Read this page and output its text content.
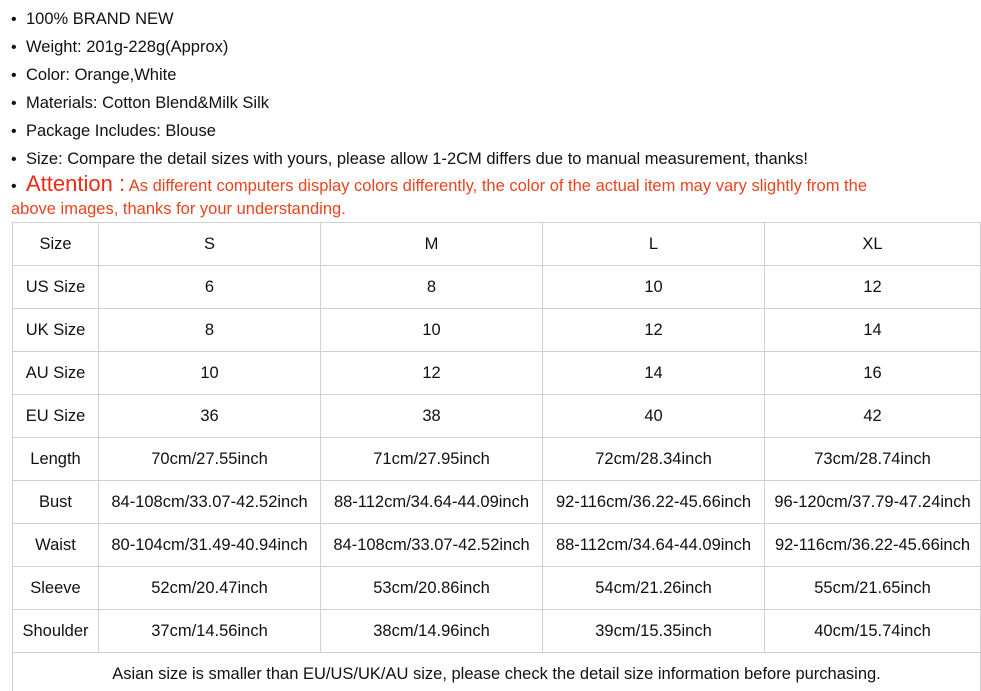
• 100% BRAND NEW
• Weight: 201g-228g(Approx)
• Color: Orange,White
• Materials: Cotton Blend&Milk Silk
• Package Includes: Blouse
• Size: Compare the detail sizes with yours, please allow 1-2CM differs due to manual measurement, thanks!
• Attention : As different computers display colors differently, the color of the actual item may vary slightly from the
above images, thanks for your understanding.
Size	S	M	L	XL
US Size	6	8	10	12
UK Size	8	10	12	14
AU Size	10	12	14	16
EU Size	36	38	40	42
Length	70cm/27.55inch	71cm/27.95inch	72cm/28.34inch	73cm/28.74inch
Bust	84-108cm/33.07-42.52inch	88-112cm/34.64-44.09inch	92-116cm/36.22-45.66inch	96-120cm/37.79-47.24inch
Waist	80-104cm/31.49-40.94inch	84-108cm/33.07-42.52inch	88-112cm/34.64-44.09inch	92-116cm/36.22-45.66inch
Sleeve	52cm/20.47inch	53cm/20.86inch	54cm/21.26inch	55cm/21.65inch
Shoulder	37cm/14.56inch	38cm/14.96inch	39cm/15.35inch	40cm/15.74inch
Asian size is smaller than EU/US/UK/AU size, please check the detail size information before purchasing.				
